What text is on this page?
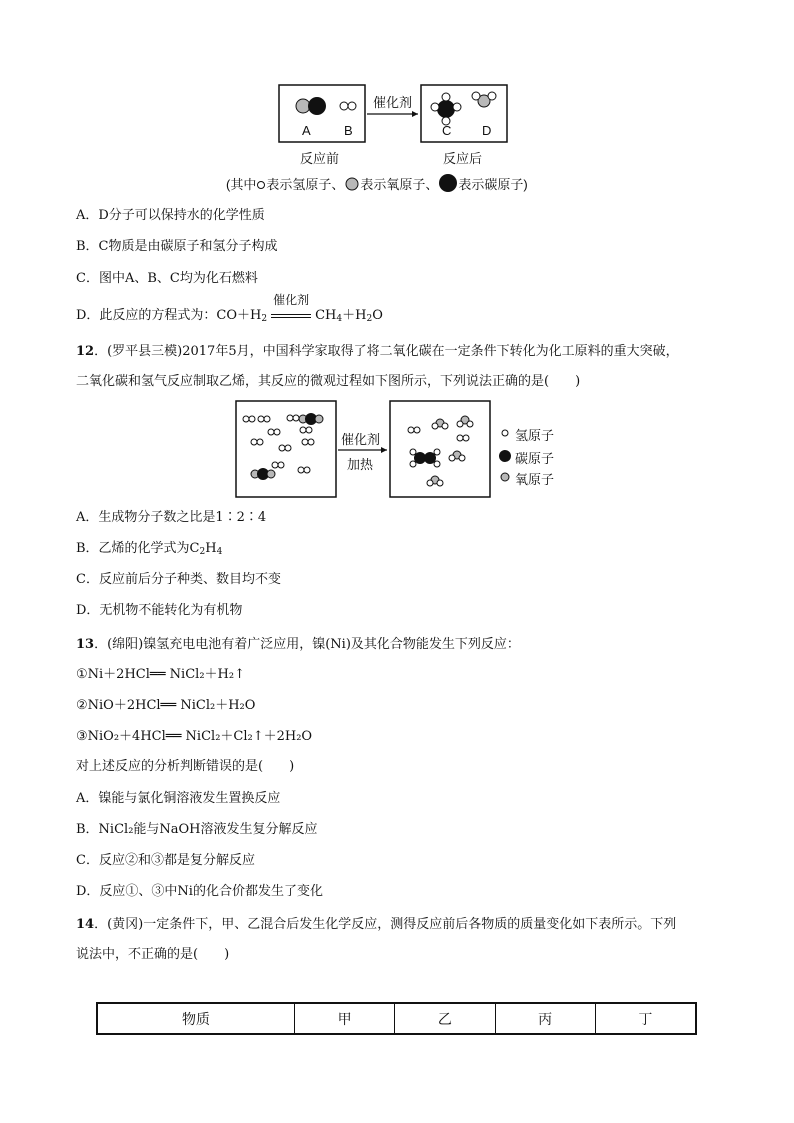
A	B	C D
催化剂
反应前	反应后
(其中 表示氢原子、 表示氧原子、 表示碳原子)
A．D分子可以保持水的化学性质
B．C物质是由碳原子和氢分子构成
C．图中A、B、C均为化石燃料
D．此反应的方程式为：$CO+H_2$
催化剂
$CH_4+H_2O$
12．(罗平县三模)2017年5月，中国科学家取得了将二氧化碳在一定条件下转化为化工原料的重大突破，
二氧化碳和氢气反应制取乙烯，其反应的微观过程如下图所示，下列说法正确的是(　　)
催化剂
加热
氢原子
碳原子
氧原子
A．生成物分子数之比是1∶2∶4
B．乙烯的化学式为$C_2H_4$
C．反应前后分子种类、数目均不变
D．无机物不能转化为有机物
13．(绵阳)镍氢充电电池有着广泛应用，镍(Ni)及其化合物能发生下列反应：
①Ni＋2HCl══ NiCl₂＋H₂↑
②NiO＋2HCl══ NiCl₂＋H₂O
③NiO₂＋4HCl══ NiCl₂＋Cl₂↑＋2H₂O
对上述反应的分析判断错误的是(　　)
A．镍能与氯化铜溶液发生置换反应
B．NiCl₂能与NaOH溶液发生复分解反应
C．反应②和③都是复分解反应
D．反应①、③中Ni的化合价都发生了变化
14．(黄冈)一定条件下，甲、乙混合后发生化学反应，测得反应前后各物质的质量变化如下表所示。下列
说法中，不正确的是(　　)
物质	甲	乙	丙	丁
